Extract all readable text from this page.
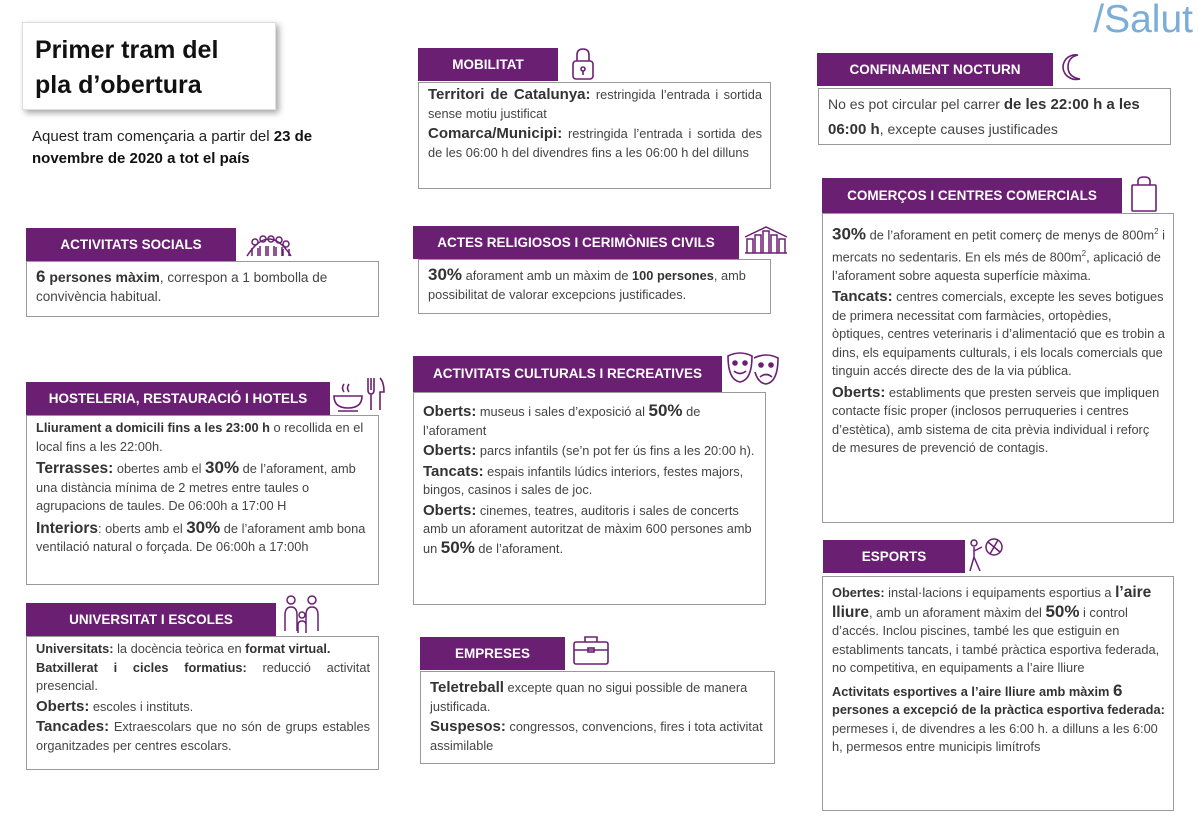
/Salut
Primer tram del
pla d’obertura
Aquest tram començaria a partir del 23 de novembre de 2020 a tot el país
ACTIVITATS SOCIALS
6 persones màxim, correspon a 1 bombolla de convivència habitual.
HOSTELERIA, RESTAURACIÓ I HOTELS

Lliurament a domicili fins a les 23:00 h o recollida en el local fins a les 22:00h.

Terrasses: obertes amb el 30% de l’aforament, amb una distància mínima de 2 metres entre taules o agrupacions de taules. De 06:00h a 17:00 H

Interiors: oberts amb el 30% de l’aforament amb bona ventilació natural o forçada. De 06:00h a 17:00h

UNIVERSITAT I ESCOLES

Universitats: la docència teòrica en format virtual.

Batxillerat i cicles formatius: reducció activitat presencial.

Oberts: escoles i instituts.

Tancades: Extraescolars que no són de grups estables organitzades per centres escolars.

MOBILITAT

Territori de Catalunya: restringida l’entrada i sortida sense motiu justificat

Comarca/Municipi: restringida l’entrada i sortida des de les 06:00 h del divendres fins a les 06:00 h del dilluns

ACTES RELIGIOSOS I CERIMÒNIES CIVILS
30% aforament amb un màxim de 100 persones, amb possibilitat de valorar excepcions justificades.
ACTIVITATS CULTURALS I RECREATIVES

Oberts: museus i sales d’exposició al 50% de l’aforament

Oberts: parcs infantils (se’n pot fer ús fins a les 20:00 h).

Tancats: espais infantils lúdics interiors, festes majors, bingos, casinos i sales de joc.

Oberts: cinemes, teatres, auditoris i sales de concerts amb un aforament autoritzat de màxim 600 persones amb un 50% de l’aforament.

EMPRESES

Teletreball excepte quan no sigui possible de manera justificada.

Suspesos: congressos, convencions, fires i tota activitat assimilable

CONFINAMENT NOCTURN
No es pot circular pel carrer de les 22:00 h a les 06:00 h, excepte causes justificades
COMERÇOS I CENTRES COMERCIALS

30% de l’aforament en petit comerç de menys de $800m^2$ i mercats no sedentaris. En els més de $800m^2$, aplicació de l’aforament sobre aquesta superfície màxima.

Tancats: centres comercials, excepte les seves botigues de primera necessitat com farmàcies, ortopèdies, òptiques, centres veterinaris i d’alimentació que es trobin a dins, els equipaments culturals, i els locals comercials que tinguin accés directe des de la via pública.

Oberts: establiments que presten serveis que impliquen contacte físic proper (inclosos perruqueries i centres d’estètica), amb sistema de cita prèvia individual i reforç de mesures de prevenció de contagis.

ESPORTS

Obertes: instal·lacions i equipaments esportius a l’aire lliure, amb un aforament màxim del 50% i control d’accés. Inclou piscines, també les que estiguin en establiments tancats, i també pràctica esportiva federada, no competitiva, en equipaments a l’aire lliure

Activitats esportives a l’aire lliure amb màxim 6 persones a excepció de la pràctica esportiva federada: permeses i, de divendres a les 6:00 h. a dilluns a les 6:00 h, permesos entre municipis limítrofs
